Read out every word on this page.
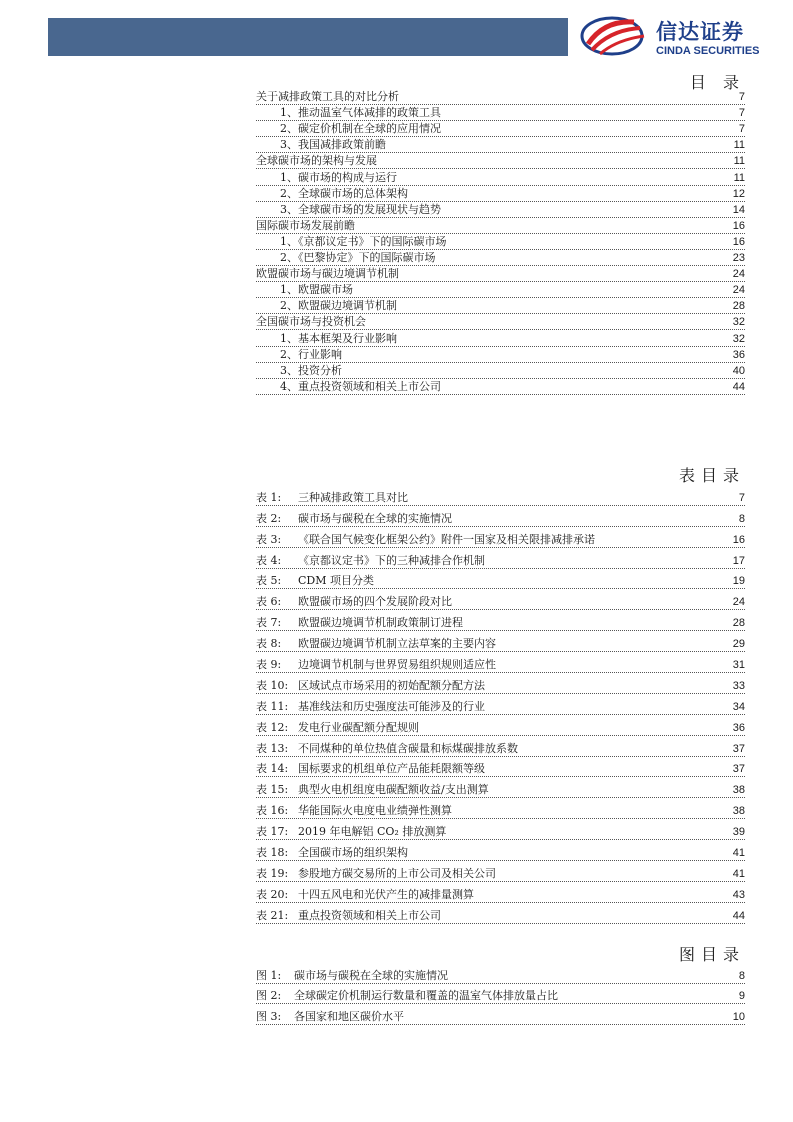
信达证券
CINDA SECURITIES
目 录
关于减排政策工具的对比分析	7
1、推动温室气体减排的政策工具	7
2、碳定价机制在全球的应用情况	7
3、我国减排政策前瞻	11
全球碳市场的架构与发展	11
1、碳市场的构成与运行	11
2、全球碳市场的总体架构	12
3、全球碳市场的发展现状与趋势	14
国际碳市场发展前瞻	16
1、《京都议定书》下的国际碳市场	16
2、《巴黎协定》下的国际碳市场	23
欧盟碳市场与碳边境调节机制	24
1、欧盟碳市场	24
2、欧盟碳边境调节机制	28
全国碳市场与投资机会	32
1、基本框架及行业影响	32
2、行业影响	36
3、投资分析	40
4、重点投资领域和相关上市公司	44
表目录
表 1:	三种减排政策工具对比	7
表 2:	碳市场与碳税在全球的实施情况	8
表 3:	《联合国气候变化框架公约》附件一国家及相关限排减排承诺	16
表 4:	《京都议定书》下的三种减排合作机制	17
表 5:	CDM 项目分类	19
表 6:	欧盟碳市场的四个发展阶段对比	24
表 7:	欧盟碳边境调节机制政策制订进程	28
表 8:	欧盟碳边境调节机制立法草案的主要内容	29
表 9:	边境调节机制与世界贸易组织规则适应性	31
表 10: 区域试点市场采用的初始配额分配方法	33
表 11: 基准线法和历史强度法可能涉及的行业	34
表 12: 发电行业碳配额分配规则	36
表 13: 不同煤种的单位热值含碳量和标煤碳排放系数	37
表 14: 国标要求的机组单位产品能耗限额等级	37
表 15: 典型火电机组度电碳配额收益/支出测算	38
表 16: 华能国际火电度电业绩弹性测算	38
表 17: 2019 年电解铝 CO₂ 排放测算	39
表 18: 全国碳市场的组织架构	41
表 19: 参股地方碳交易所的上市公司及相关公司	41
表 20: 十四五风电和光伏产生的减排量测算	43
表 21: 重点投资领域和相关上市公司	44
图目录
图 1:	碳市场与碳税在全球的实施情况	8
图 2:	全球碳定价机制运行数量和覆盖的温室气体排放量占比	9
图 3:	各国家和地区碳价水平	10
